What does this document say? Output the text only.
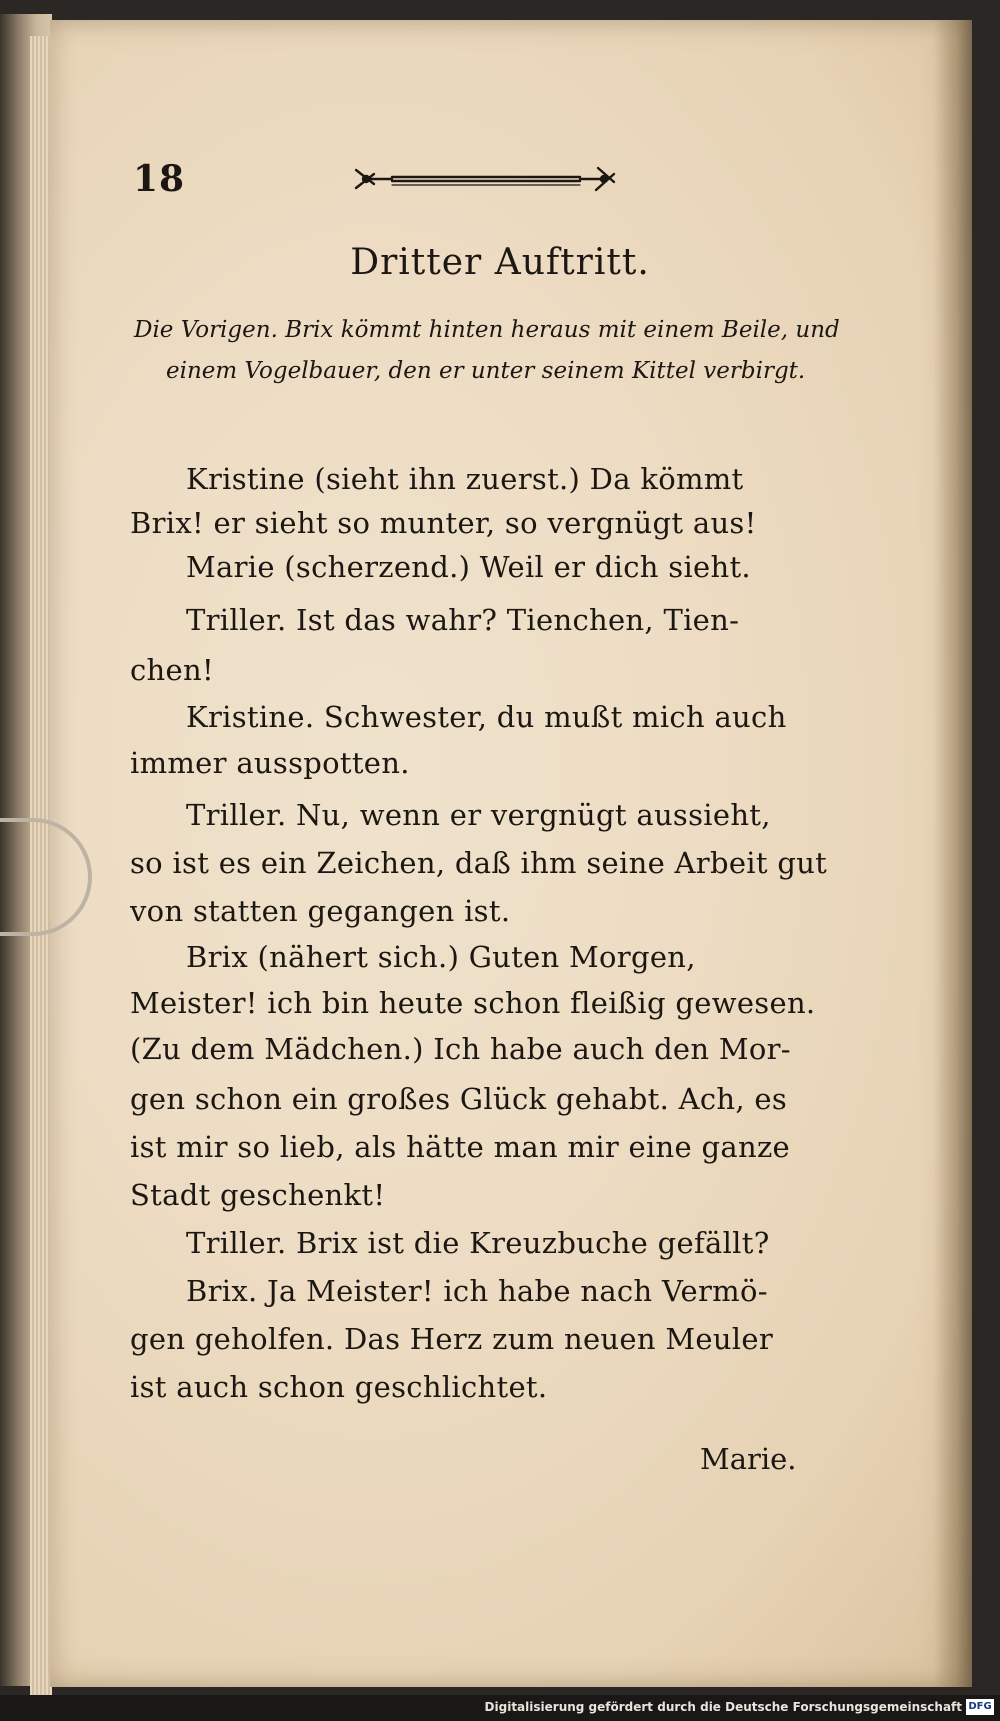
18
Dritter Auftritt.
Die Vorigen. Brix kömmt hinten heraus mit einem Beile, und einem Vogelbauer, den er unter seinem Kittel verbirgt.
Kristine (sieht ihn zuerst.) Da kömmt
Brix! er sieht so munter, so vergnügt aus!
Marie (scherzend.) Weil er dich sieht.
Triller. Ist das wahr? Tienchen, Tien-
chen!
Kristine. Schwester, du mußt mich auch
immer ausspotten.
Triller. Nu, wenn er vergnügt aussieht,
so ist es ein Zeichen, daß ihm seine Arbeit gut
von statten gegangen ist.
Brix (nähert sich.) Guten Morgen,
Meister! ich bin heute schon fleißig gewesen.
(Zu dem Mädchen.) Ich habe auch den Mor-
gen schon ein großes Glück gehabt. Ach, es
ist mir so lieb, als hätte man mir eine ganze
Stadt geschenkt!
Triller. Brix ist die Kreuzbuche gefällt?
Brix. Ja Meister! ich habe nach Vermö-
gen geholfen. Das Herz zum neuen Meuler
ist auch schon geschlichtet.
Marie.
Digitalisierung gefördert durch die Deutsche Forschungsgemeinschaft DFG
